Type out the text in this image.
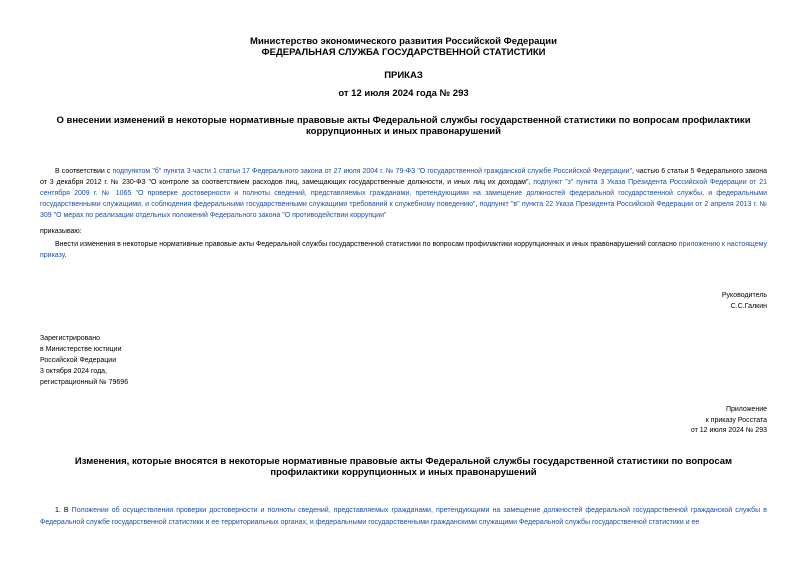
Министерство экономического развития Российской Федерации
ФЕДЕРАЛЬНАЯ СЛУЖБА ГОСУДАРСТВЕННОЙ СТАТИСТИКИ
ПРИКАЗ
от 12 июля 2024 года № 293
О внесении изменений в некоторые нормативные правовые акты Федеральной службы государственной статистики по вопросам профилактики коррупционных и иных правонарушений
В соответствии с подпунктом "б" пункта 3 части 1 статьи 17 Федерального закона от 27 июля 2004 г. № 79-ФЗ "О государственной гражданской службе Российской Федерации", частью 6 статьи 5 Федерального закона от 3 декабря 2012 г. № 230-ФЗ "О контроле за соответствием расходов лиц, замещающих государственные должности, и иных лиц их доходам", подпункт "з" пункта 3 Указа Президента Российской Федерации от 21 сентября 2009 г. № 1065 "О проверке достоверности и полноты сведений, представляемых гражданами, претендующими на замещение должностей федеральной государственной службы, и федеральными государственными служащими, и соблюдения федеральными государственными служащими требований к служебному поведению", подпункт "в" пункта 22 Указа Президента Российской Федерации от 2 апреля 2013 г. № 309 "О мерах по реализации отдельных положений Федерального закона "О противодействии коррупции"
приказываю:
Внести изменения в некоторые нормативные правовые акты Федеральной службы государственной статистики по вопросам профилактики коррупционных и иных правонарушений согласно приложению к настоящему приказу.
Руководитель
С.С.Галкин
Зарегистрировано
в Министерстве юстиции
Российской Федерации
3 октября 2024 года,
регистрационный № 79696
Приложение
к приказу Росстата
от 12 июля 2024 № 293
Изменения, которые вносятся в некоторые нормативные правовые акты Федеральной службы государственной статистики по вопросам профилактики коррупционных и иных правонарушений
1. В Положении об осуществлении проверки достоверности и полноты сведений, представляемых гражданами, претендующими на замещение должностей федеральной государственной гражданской службы в Федеральной службе государственной статистики и ее территориальных органах, и федеральными государственными гражданскими служащими Федеральной службы государственной статистики и ее
